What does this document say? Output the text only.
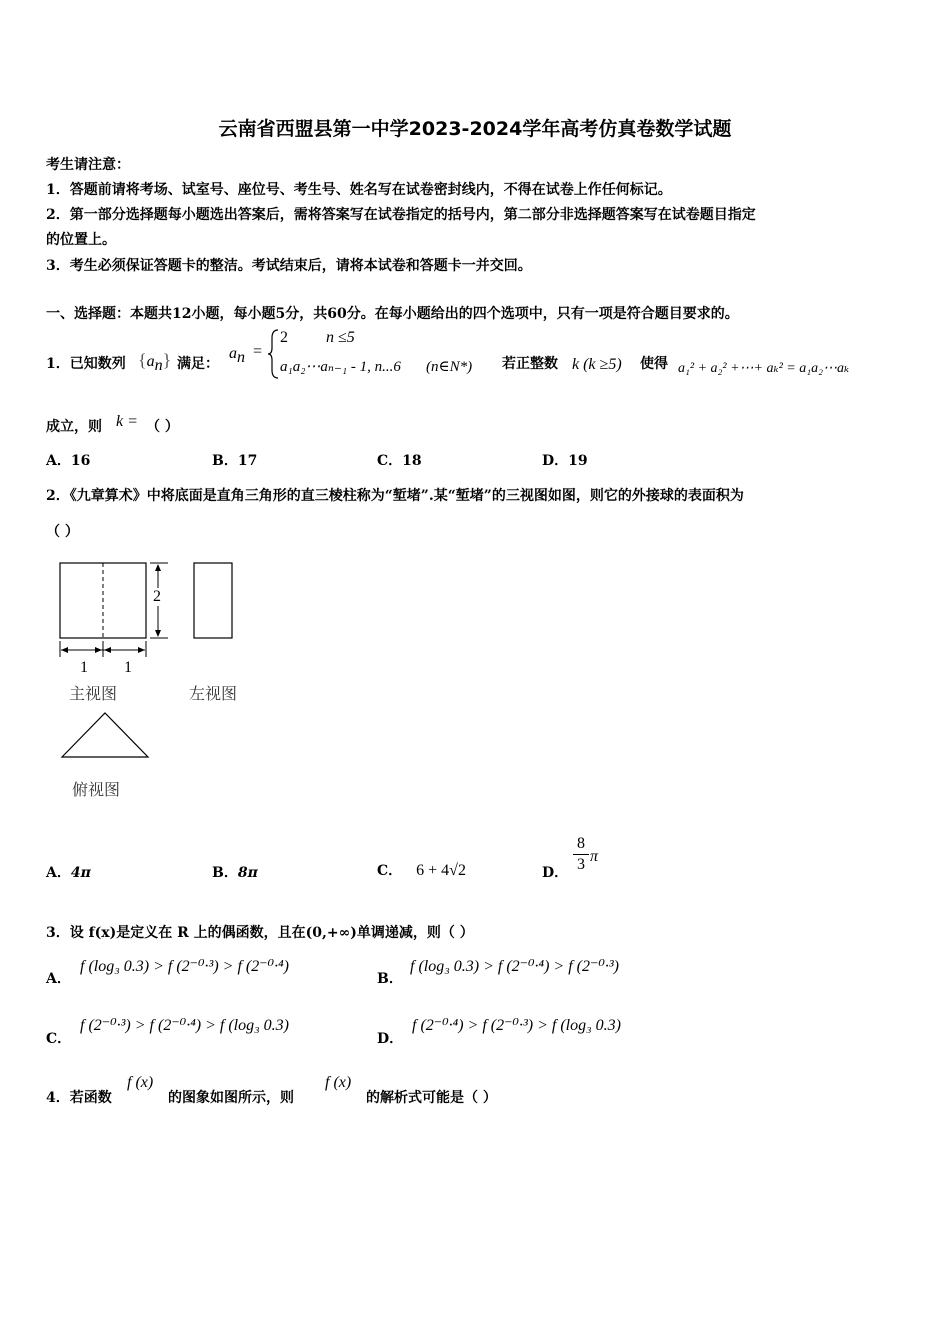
云南省西盟县第一中学2023-2024学年高考仿真卷数学试题
考生请注意：
1．答题前请将考场、试室号、座位号、考生号、姓名写在试卷密封线内，不得在试卷上作任何标记。
2．第一部分选择题每小题选出答案后，需将答案写在试卷指定的括号内，第二部分非选择题答案写在试卷题目指定
的位置上。
3．考生必须保证答题卡的整洁。考试结束后，请将本试卷和答题卡一并交回。
一、选择题：本题共12小题，每小题5分，共60分。在每小题给出的四个选项中，只有一项是符合题目要求的。
1．已知数列 $\{a_n\}$ 满足：
$a_n$ =
2 n ≤5
a₁a₂⋯aₙ₋₁ - 1, n...6 (n∈N*) 若正整数 k (k ≥5) 使得 a₁² + a₂² +⋯+ aₖ² = a₁a₂⋯aₖ
成立，则 k = （ ）
A．16	B．17	C．18	D．19
2．《九章算术》中将底面是直角三角形的直三棱柱称为“堑堵”.某“堑堵”的三视图如图，则它的外接球的表面积为
（ ）
2
1 1
主视图	左视图
俯视图
A．4π	B．8π	C． 6 + 4√2	D．
8
3 π
3．设 f(x)是定义在 R 上的偶函数，且在(0,+∞)单调递减，则（ ）
A．
f (log₃ 0.3) > f (2⁻⁰·³) > f (2⁻⁰·⁴)
B．
f (log₃ 0.3) > f (2⁻⁰·⁴) > f (2⁻⁰·³)
C．
f (2⁻⁰·³) > f (2⁻⁰·⁴) > f (log₃ 0.3)
D．
f (2⁻⁰·⁴) > f (2⁻⁰·³) > f (log₃ 0.3)
4．若函数
f (x)
的图象如图所示，则
f (x)
的解析式可能是（ ）
